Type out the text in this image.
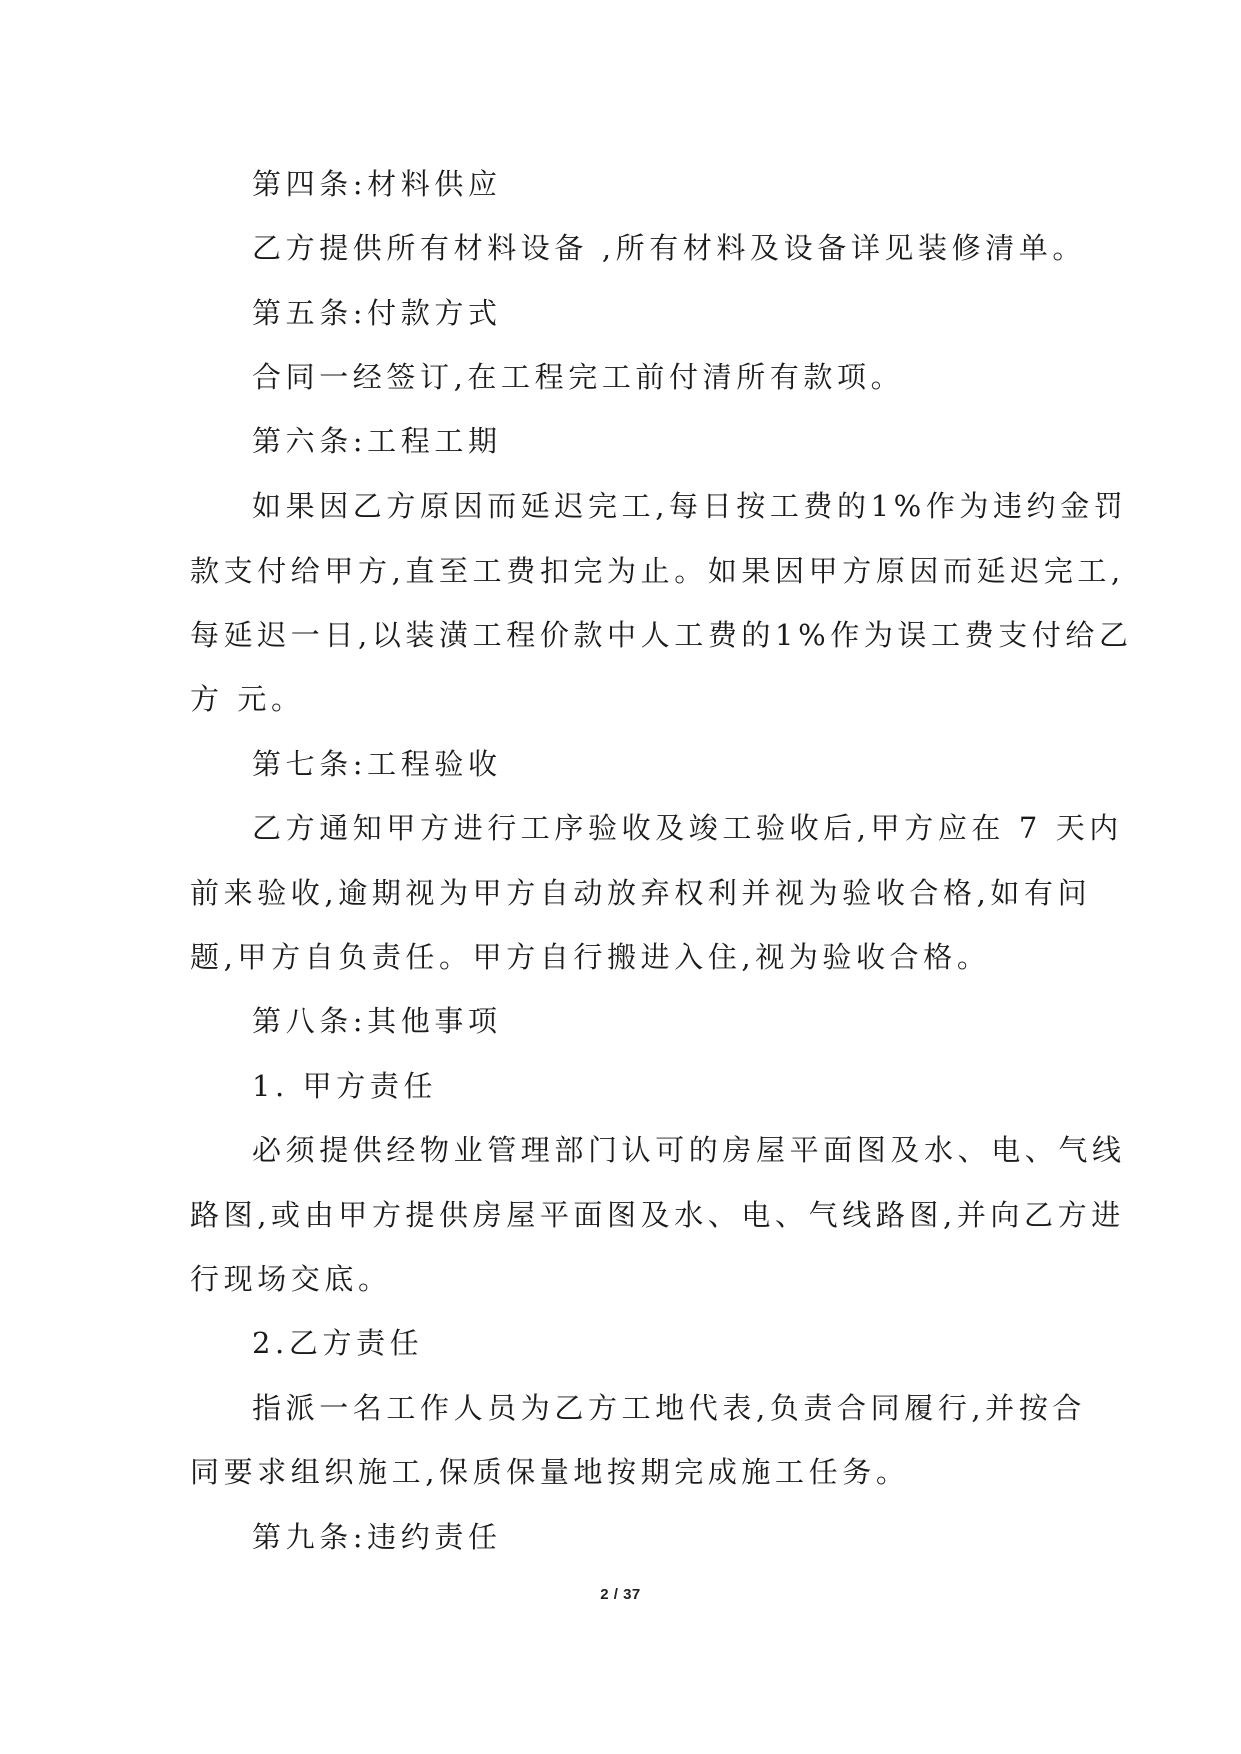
第四条:材料供应
乙方提供所有材料设备 ,所有材料及设备详见装修清单。
第五条:付款方式
合同一经签订,在工程完工前付清所有款项。
第六条:工程工期
如果因乙方原因而延迟完工,每日按工费的1%作为违约金罚
款支付给甲方,直至工费扣完为止。如果因甲方原因而延迟完工,
每延迟一日,以装潢工程价款中人工费的1%作为误工费支付给乙
方 元。
第七条:工程验收
乙方通知甲方进行工序验收及竣工验收后,甲方应在 7 天内
前来验收,逾期视为甲方自动放弃权利并视为验收合格,如有问
题,甲方自负责任。甲方自行搬进入住,视为验收合格。
第八条:其他事项
1. 甲方责任
必须提供经物业管理部门认可的房屋平面图及水、电、气线
路图,或由甲方提供房屋平面图及水、电、气线路图,并向乙方进
行现场交底。
2.乙方责任
指派一名工作人员为乙方工地代表,负责合同履行,并按合
同要求组织施工,保质保量地按期完成施工任务。
第九条:违约责任
2 / 37
